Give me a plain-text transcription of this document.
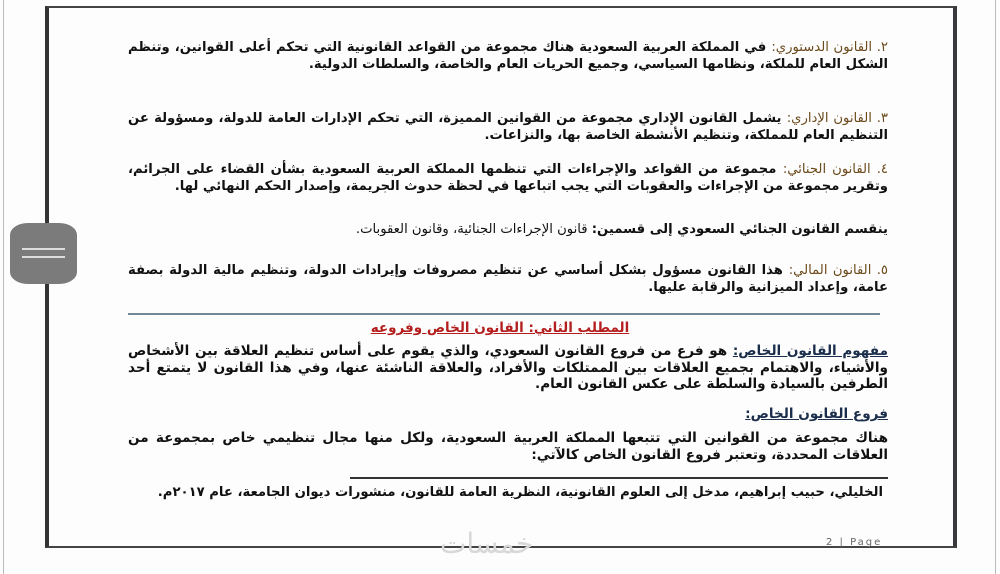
٢. القانون الدستوري: في المملكة العربية السعودية هناك مجموعة من القواعد القانونية التي تحكم أعلى القوانين، وتنظم الشكل العام للملكة، ونظامها السياسي، وجميع الحريات العام والخاصة، والسلطات الدولية.
٣. القانون الإداري: يشمل القانون الإداري مجموعة من القوانين المميزة، التي تحكم الإدارات العامة للدولة، ومسؤولة عن التنظيم العام للمملكة، وتنظيم الأنشطة الخاصة بها، والنزاعات.
٤. القانون الجنائي: مجموعة من القواعد والإجراءات التي تنظمها المملكة العربية السعودية بشأن القضاء على الجرائم، وتقرير مجموعة من الإجراءات والعقوبات التي يجب اتباعها في لحظة حدوث الجريمة، وإصدار الحكم النهائي لها.
ينقسم القانون الجنائي السعودي إلى قسمين: قانون الإجراءات الجنائية، وقانون العقوبات.
٥. القانون المالي: هذا القانون مسؤول بشكل أساسي عن تنظيم مصروفات وإيرادات الدولة، وتنظيم مالية الدولة بصفة عامة، وإعداد الميزانية والرقابة عليها.
المطلب الثاني: القانون الخاص وفروعه
مفهوم القانون الخاص: هو فرع من فروع القانون السعودي، والذي يقوم على أساس تنظيم العلاقة بين الأشخاص والأشياء، والاهتمام بجميع العلاقات بين الممتلكات والأفراد، والعلاقة الناشئة عنها، وفي هذا القانون لا يتمتع أحد الطرفين بالسيادة والسلطة على عكس القانون العام.
فروع القانون الخاص:
هناك مجموعة من القوانين التي تتبعها المملكة العربية السعودية، ولكل منها مجال تنظيمي خاص بمجموعة من العلاقات المحددة، وتعتبر فروع القانون الخاص كالآتي:
الخليلي، حبيب إبراهيم، مدخل إلى العلوم القانونية، النظرية العامة للقانون، منشورات ديوان الجامعة، عام ٢٠١٧م.
خمسات	2 | Page
